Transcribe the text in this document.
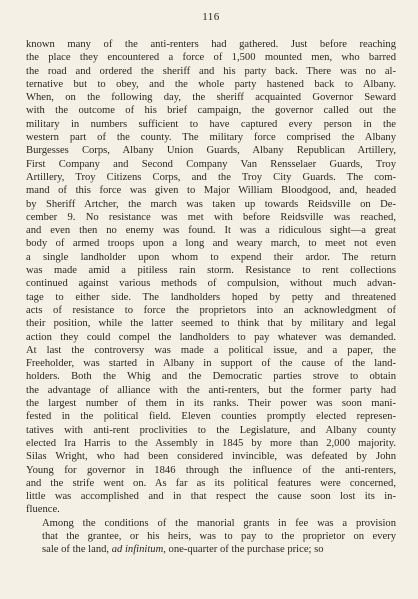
116

known many of the anti-renters had gathered. Just before reaching
the place they encountered a force of 1,500 mounted men, who barred
the road and ordered the sheriff and his party back. There was no al-
ternative but to obey, and the whole party hastened back to Albany.
When, on the following day, the sheriff acquainted Governor Seward
with the outcome of his brief campaign, the governor called out the
military in numbers sufficient to have captured every person in the
western part of the county. The military force comprised the Albany
Burgesses Corps, Albany Union Guards, Albany Republican Artillery,
First Company and Second Company Van Rensselaer Guards, Troy
Artillery, Troy Citizens Corps, and the Troy City Guards. The com-
mand of this force was given to Major William Bloodgood, and, headed
by Sheriff Artcher, the march was taken up towards Reidsville on De-
cember 9. No resistance was met with before Reidsville was reached,
and even then no enemy was found. It was a ridiculous sight—a great
body of armed troops upon a long and weary march, to meet not even
a single landholder upon whom to expend their ardor. The return
was made amid a pitiless rain storm. Resistance to rent collections
continued against various methods of compulsion, without much advan-
tage to either side. The landholders hoped by petty and threatened
acts of resistance to force the proprietors into an acknowledgment of
their position, while the latter seemed to think that by military and legal
action they could compel the landholders to pay whatever was demanded.
At last the controversy was made a political issue, and a paper, the
Freeholder, was started in Albany in support of the cause of the land-
holders. Both the Whig and the Democratic parties strove to obtain
the advantage of alliance with the anti-renters, but the former party had
the largest number of them in its ranks. Their power was soon mani-
fested in the political field. Eleven counties promptly elected represen-
tatives with anti-rent proclivities to the Legislature, and Albany county
elected Ira Harris to the Assembly in 1845 by more than 2,000 majority.
Silas Wright, who had been considered invincible, was defeated by John
Young for governor in 1846 through the influence of the anti-renters,
and the strife went on. As far as its political features were concerned,
little was accomplished and in that respect the cause soon lost its in-
fluence.

Among the conditions of the manorial grants in fee was a provision
that the grantee, or his heirs, was to pay to the proprietor on every
sale of the land, ad infinitum, one-quarter of the purchase price; so
